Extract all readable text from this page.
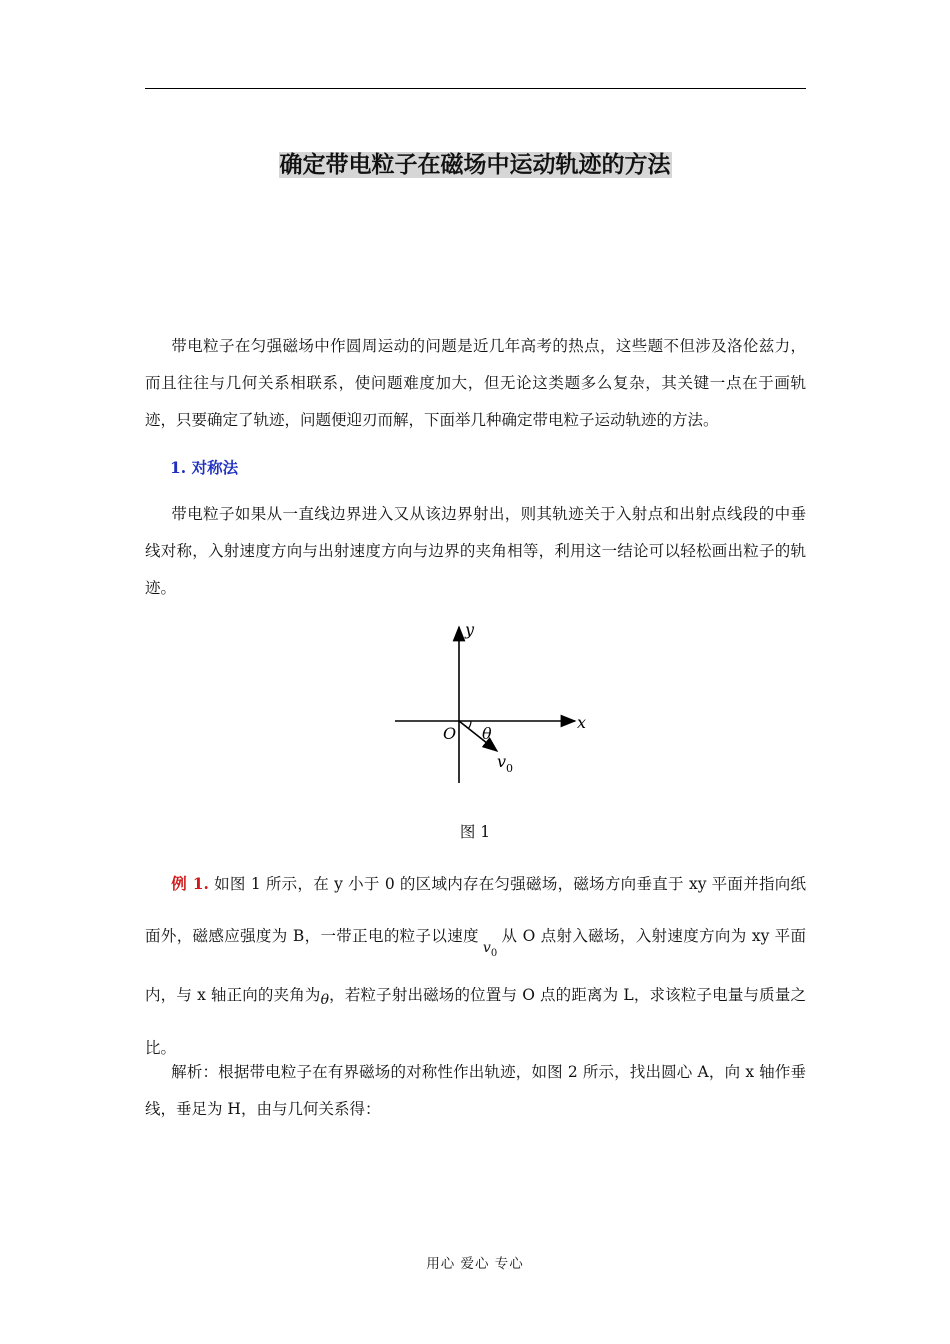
确定带电粒子在磁场中运动轨迹的方法
带电粒子在匀强磁场中作圆周运动的问题是近几年高考的热点，这些题不但涉及洛伦兹力，而且往往与几何关系相联系，使问题难度加大，但无论这类题多么复杂，其关键一点在于画轨迹，只要确定了轨迹，问题便迎刃而解，下面举几种确定带电粒子运动轨迹的方法。
1. 对称法
带电粒子如果从一直线边界进入又从该边界射出，则其轨迹关于入射点和出射点线段的中垂线对称，入射速度方向与出射速度方向与边界的夹角相等，利用这一结论可以轻松画出粒子的轨迹。
y
x
O θ
$v_0$
图 1
例 1. 如图 1 所示，在 y 小于 0 的区域内存在匀强磁场，磁场方向垂直于 xy 平面并指向纸面外，磁感应强度为 B，一带正电的粒子以速度$v_0$从 O 点射入磁场，入射速度方向为 xy 平面内，与 x 轴正向的夹角为θ，若粒子射出磁场的位置与 O 点的距离为 L，求该粒子电量与质量之比。
解析：根据带电粒子在有界磁场的对称性作出轨迹，如图 2 所示，找出圆心 A，向 x 轴作垂线，垂足为 H，由与几何关系得：
用心 爱心 专心
